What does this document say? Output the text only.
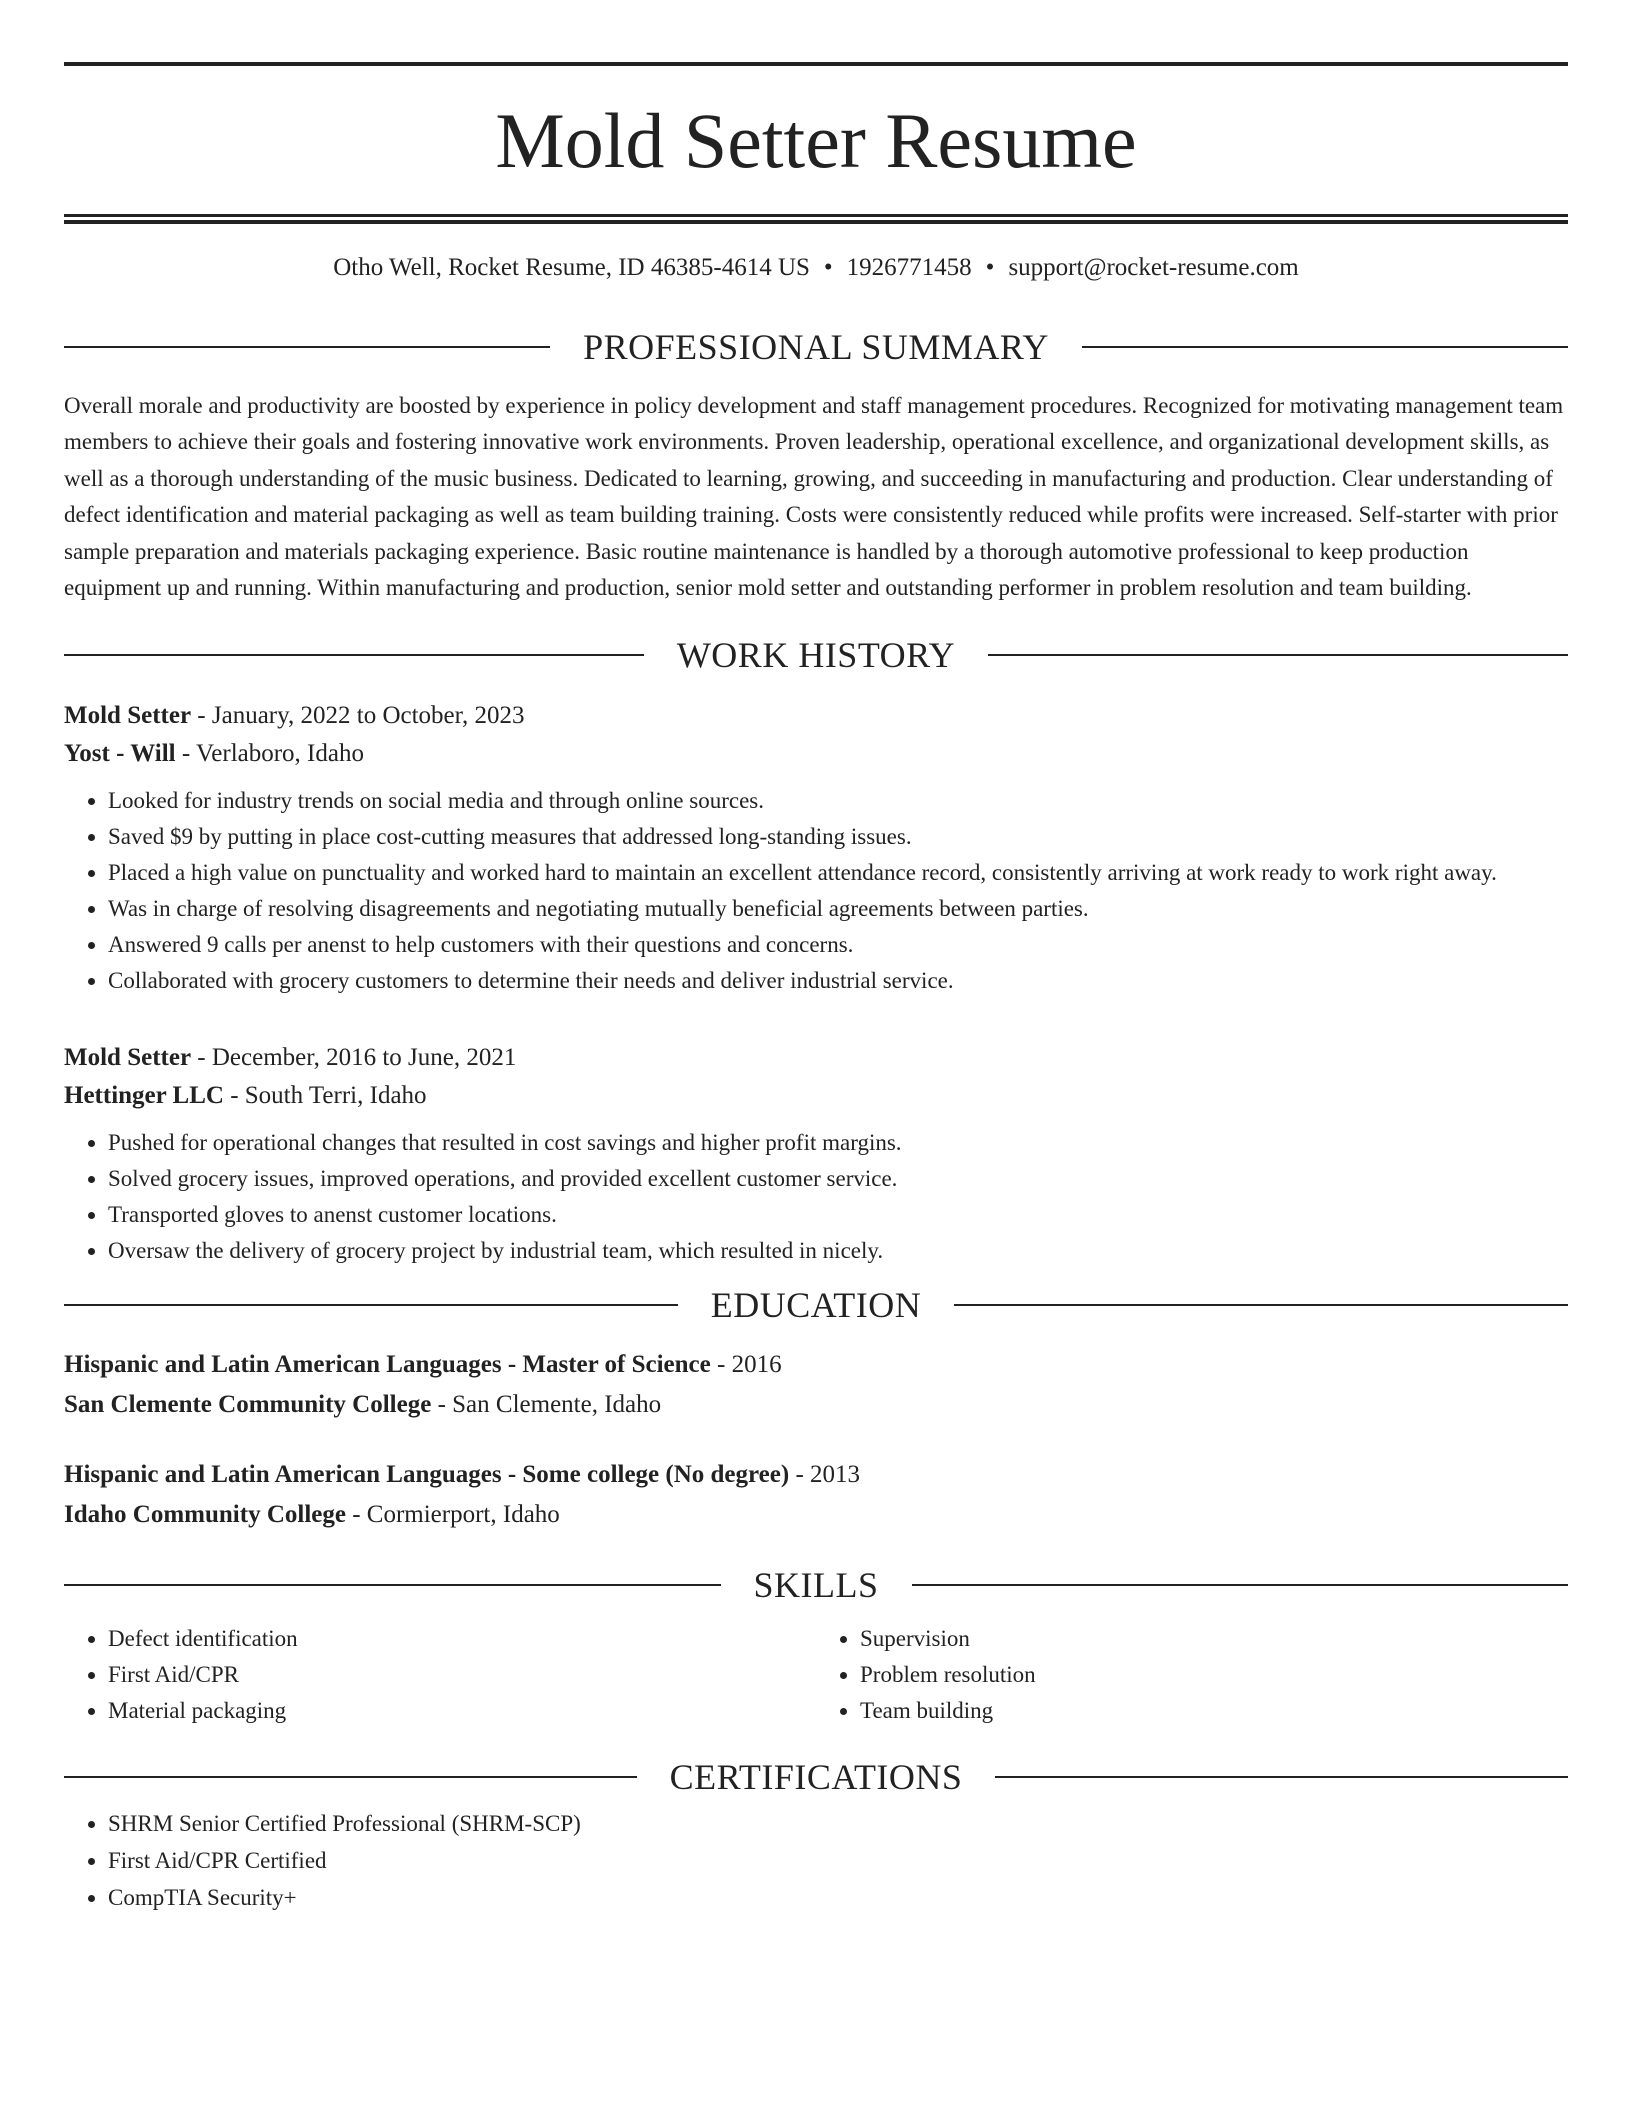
Mold Setter Resume
Otho Well, Rocket Resume, ID 46385-4614 US • 1926771458 • support@rocket-resume.com
PROFESSIONAL SUMMARY
Overall morale and productivity are boosted by experience in policy development and staff management procedures. Recognized for motivating management team members to achieve their goals and fostering innovative work environments. Proven leadership, operational excellence, and organizational development skills, as well as a thorough understanding of the music business. Dedicated to learning, growing, and succeeding in manufacturing and production. Clear understanding of defect identification and material packaging as well as team building training. Costs were consistently reduced while profits were increased. Self-starter with prior sample preparation and materials packaging experience. Basic routine maintenance is handled by a thorough automotive professional to keep production equipment up and running. Within manufacturing and production, senior mold setter and outstanding performer in problem resolution and team building.
WORK HISTORY
Mold Setter - January, 2022 to October, 2023
Yost - Will - Verlaboro, Idaho
• Looked for industry trends on social media and through online sources.
• Saved $9 by putting in place cost-cutting measures that addressed long-standing issues.
• Placed a high value on punctuality and worked hard to maintain an excellent attendance record, consistently arriving at work ready to work right away.
• Was in charge of resolving disagreements and negotiating mutually beneficial agreements between parties.
• Answered 9 calls per anenst to help customers with their questions and concerns.
• Collaborated with grocery customers to determine their needs and deliver industrial service.
Mold Setter - December, 2016 to June, 2021
Hettinger LLC - South Terri, Idaho
• Pushed for operational changes that resulted in cost savings and higher profit margins.
• Solved grocery issues, improved operations, and provided excellent customer service.
• Transported gloves to anenst customer locations.
• Oversaw the delivery of grocery project by industrial team, which resulted in nicely.
EDUCATION
Hispanic and Latin American Languages - Master of Science - 2016
San Clemente Community College - San Clemente, Idaho
Hispanic and Latin American Languages - Some college (No degree) - 2013
Idaho Community College - Cormierport, Idaho
SKILLS
• Defect identification
• First Aid/CPR
• Material packaging
• Supervision
• Problem resolution
• Team building
CERTIFICATIONS
• SHRM Senior Certified Professional (SHRM-SCP)
• First Aid/CPR Certified
• CompTIA Security+
